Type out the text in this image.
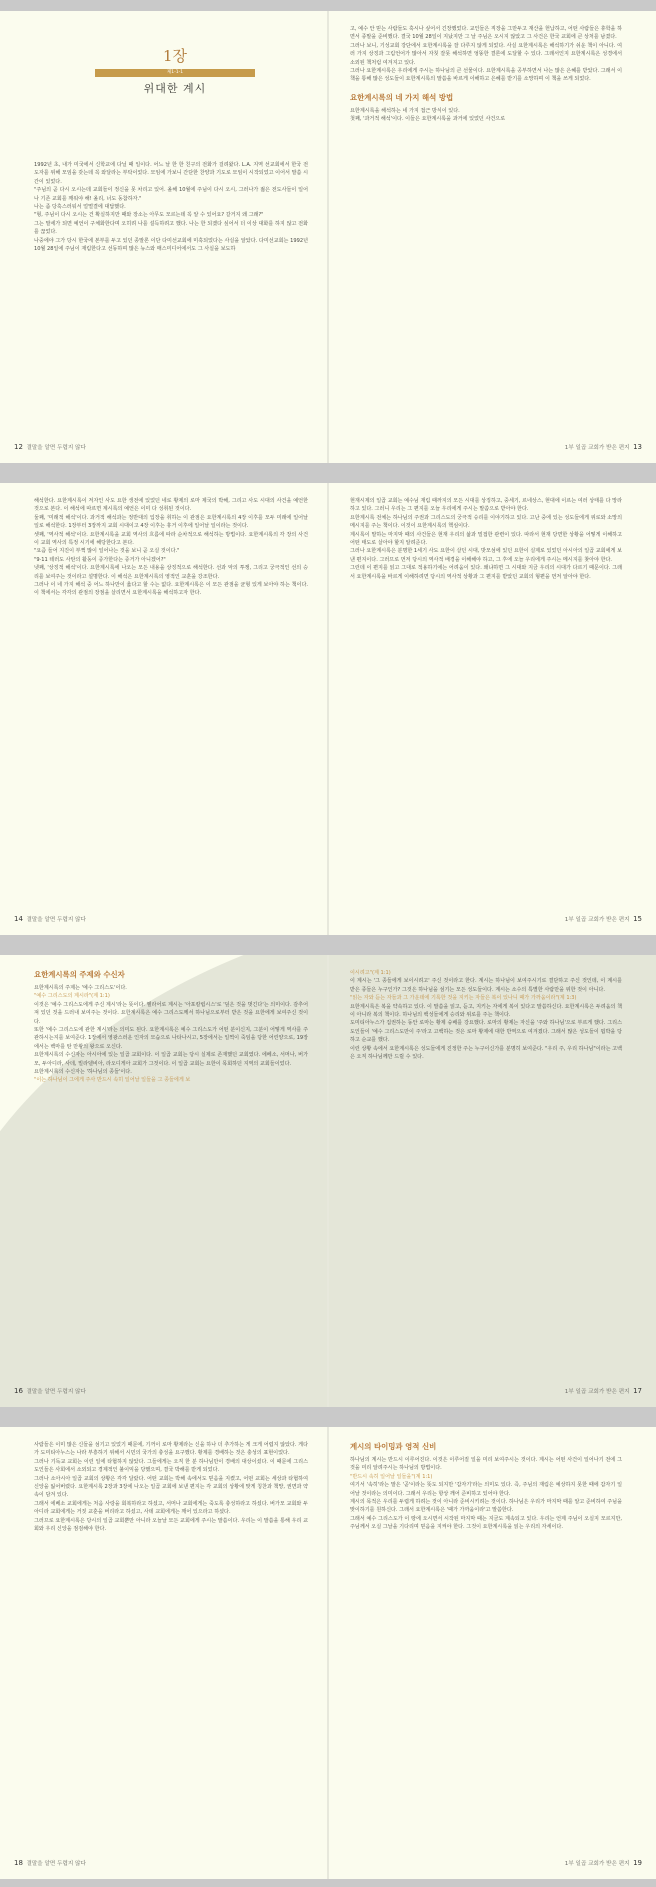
1장
제1-1-1
위대한 계시

1992년 초, 내가 미국에서 신학교에 다닐 때 일이다. 어느 날 한 한 친구의 전화가 걸려왔다. L.A. 지역 선교회에서 한국 전도자를 위해 모임을 갖는데 꼭 와달라는 부탁이었다. 모임에 가보니 간단한 찬양과 기도로 모임이 시작되었고 이어서 말씀 시간이 있었다.

"주님의 곧 다시 오시는데 교회들이 정신을 못 차리고 있어. 올해 10월에 주님이 다시 오시, 그러나가 젊은 전도사들이 일어나 기존 교회를 깨워야 해! 올리, 너도 동참하자."

나는 좀 당혹스러워서 얼떨결에 대답했다.

"형, 주님이 다시 오시는 건 확실하지만 때와 장소는 아무도 모르는데 꼭 알 수 있어요? 갈거지 왜 그래?"

그는 말세가 되면 예언이 구체화한다며 오히려 나를 설득하려고 했다. 나는 한 되겠다 싶어서 더 이상 대화를 하지 않고 전화를 끊었다.

나중에야 그가 당시 한국에 본부를 두고 있던 종말론 이단 다미선교회에 미혹되었다는 사실을 알았다. 다미선교회는 1992년 10월 28일에 주님이 재림한다고 선동하며 많은 뉴스와 매스미디어에서도 그 사실을 보도하

12 결말을 알면 두렵지 않다

고, 예수 안 믿는 사람들도 혹시나 싶어서 긴장했었다. 교인들은 직장을 그만두고 재산을 헌납하고, 어떤 사람들은 휴학을 하면서 종말을 준비했다. 결국 10월 28일이 지났지만 그 날 주님은 오시지 않았고 그 사건은 한국 교회에 큰 상처를 남겼다.

그러나 보니, 기성교회 강단에서 요한계시록을 잘 다루지 않게 되었다. 사실 요한계시록은 해석하기가 쉬운 책이 아니다. 여러 가지 상징과 그림언어가 많아서 자칫 잘못 해석하면 엉뚱한 결론에 도달할 수 있다. 그래서인지 요한계시록은 성경에서 소외된 책처럼 여겨지고 있다.

그러나 요한계시록은 우리에게 주시는 하나님의 큰 선물이다. 요한계시록을 공부하면서 나는 많은 은혜를 받았다. 그래서 이 책을 통해 많은 성도들이 요한계시록의 말씀을 바르게 이해하고 은혜를 받기를 소망하며 이 책을 쓰게 되었다.

요한계시록의 네 가지 해석 방법

요한계시록을 해석하는 네 가지 접근 방식이 있다.

첫째, '과거적 해석'이다. 이들은 요한계시록을 과거에 있었던 사건으로

1부 일곱 교회가 받은 편지 13

해석한다. 요한계시록이 저자인 사도 요한 생전에 있었던 네로 황제의 로마 제국의 박해, 그리고 사도 시대의 사건을 예언한 것으로 본다. 이 해석에 따르면 계시록의 예언은 이미 다 성취된 것이다.

둘째, '미래적 해석'이다. 과거적 해석과는 정반대의 입장을 취하는 이 관점은 요한계시록의 4장 이후를 모두 미래에 일어날 일로 해석한다. 1장부터 3장까지 교회 시대이고 4장 이후는 휴거 이후에 일어날 일이라는 것이다.

셋째, '역사적 해석'이다. 요한계시록을 교회 역사의 흐름에 따라 순차적으로 해석하는 방법이다. 요한계시록의 각 장의 사건이 교회 역사의 특정 시기에 해당한다고 본다.

"요즘 들어 지진이 부쩍 많이 일어나는 것을 보니 곧 오실 것이다."

"9·11 테러도 사탄의 활동이 증가한다는 증거가 아니겠어?"

넷째, '상징적 해석'이다. 요한계시록에 나오는 모든 내용을 상징적으로 해석한다. 선과 악의 투쟁, 그리고 궁극적인 선의 승리를 보여주는 것이라고 설명한다. 이 해석은 요한계시록의 영적인 교훈을 강조한다.

그러나 이 네 가지 해석 중 어느 하나만이 옳다고 할 수는 없다. 요한계시록은 이 모든 관점을 균형 있게 보아야 하는 책이다. 이 책에서는 각각의 관점의 장점을 살리면서 요한계시록을 해석하고자 한다.

14 결말을 알면 두렵지 않다

현재시제의 일곱 교회는 예수님 재림 때까지의 모든 시대를 상징하고, 중세기, 르네상스, 현대에 이르는 여러 상태를 다 망라하고 있다. 그러니 우리는 그 편지를 오늘 우리에게 주시는 말씀으로 받아야 한다.

요한계시록 전체는 하나님의 주권과 그리스도의 궁극적 승리를 이야기하고 있다. 고난 중에 있는 성도들에게 위로와 소망의 메시지를 주는 책이다. 이것이 요한계시록의 핵심이다.

계시록이 말하는 마지막 때의 사건들은 현재 우리의 삶과 밀접한 관련이 있다. 따라서 현재 당면한 상황을 어떻게 이해하고 어떤 태도로 살아야 할지 알려준다.

그러나 요한계시록은 분명한 1세기 사도 요한이 살던 시대, 밧모섬에 있던 요한이 실제로 있었던 아시아의 일곱 교회에게 보낸 편지이다. 그러므로 먼저 당시의 역사적 배경을 이해해야 하고, 그 후에 오늘 우리에게 주시는 메시지를 찾아야 한다.

그런데 이 편지를 읽고 그대로 적용하기에는 어려움이 있다. 왜냐하면 그 시대와 지금 우리의 시대가 다르기 때문이다. 그래서 요한계시록을 바르게 이해하려면 당시의 역사적 상황과 그 편지를 받았던 교회의 형편을 먼저 알아야 한다.

1부 일곱 교회가 받은 편지 15
요한계시록의 주제와 수신자

요한계시록의 주제는 '예수 그리스도'이다.

"예수 그리스도의 계시라"(계 1:1)

이것은 '예수 그리스도에게 주신 계시'라는 뜻이다. 헬라어로 계시는 '아포칼립시스'로 '덮은 것을 벗긴다'는 의미이다. 감추어져 있던 것을 드러내 보여주는 것이다. 요한계시록은 예수 그리스도께서 하나님으로부터 받은 것을 요한에게 보여주신 것이다.

또한 '예수 그리스도에 관한 계시'라는 의미도 된다. 요한계시록은 예수 그리스도가 어떤 분이신지, 그분이 어떻게 역사를 주관하시는지를 보여준다. 1장에서 영광스러운 인자의 모습으로 나타나시고, 5장에서는 일찍이 죽임을 당한 어린양으로, 19장에서는 백마를 탄 만왕의 왕으로 오신다.

요한계시록의 수신자는 아시아에 있는 일곱 교회이다. 이 일곱 교회는 당시 실제로 존재했던 교회였다. 에베소, 서머나, 버가모, 두아디라, 사데, 빌라델비아, 라오디게아 교회가 그것이다. 이 일곱 교회는 요한이 목회하던 지역의 교회들이었다.

요한계시록의 수신자는 '하나님의 종들'이다.

"이는 하나님이 그에게 주사 반드시 속히 일어날 일들을 그 종들에게 보

16 결말을 알면 두렵지 않다

이시려고"(계 1:1)

이 계시는 '그 종들에게 보이시려고' 주신 것이라고 한다. 계시는 하나님이 보여주시기로 결단하고 주신 것인데, 이 계시를 받은 종들은 누구인가? 그것은 하나님을 섬기는 모든 성도들이다. 계시는 소수의 특별한 사람만을 위한 것이 아니다.

"읽는 자와 듣는 자들과 그 가운데에 기록한 것을 지키는 자들은 복이 있나니 때가 가까움이라"(계 1:3)

요한계시록은 복을 약속하고 있다. 이 말씀을 읽고, 듣고, 지키는 자에게 복이 있다고 말씀하신다. 요한계시록은 두려움의 책이 아니라 복의 책이다. 하나님의 백성들에게 승리와 위로를 주는 책이다.

도미티아누스가 집권하는 동안 로마는 황제 숭배를 강요했다. 로마의 황제는 자신을 '주와 하나님'으로 부르게 했다. 그리스도인들이 '예수 그리스도만이 주'라고 고백하는 것은 로마 황제에 대한 반역으로 여겨졌다. 그래서 많은 성도들이 핍박을 당하고 순교를 했다.

이런 상황 속에서 요한계시록은 성도들에게 진정한 주는 누구이신가를 분명히 보여준다. "우리 주, 우리 하나님"이라는 고백은 오직 하나님께만 드릴 수 있다.

1부 일곱 교회가 받은 편지 17

사람들은 이미 많은 신들을 섬기고 있었기 때문에, 기꺼이 로마 황제라는 신을 하나 더 추가하는 게 크게 어렵지 않았다. 게다가 도미티아누스는 나라 부흥하기 위해서 시민의 국가의 충성을 요구했다. 황제를 경배하는 것은 충성의 표현이었다.

그러나 기독교 교회는 이런 일에 타협하지 않았다. 그들에게는 오직 한 분 하나님만이 경배의 대상이셨다. 이 때문에 그리스도인들은 사회에서 소외되고 경제적인 불이익을 당했으며, 결국 박해를 받게 되었다.

그러나 소아시아 일곱 교회의 상황은 각각 달랐다. 어떤 교회는 박해 속에서도 믿음을 지켰고, 어떤 교회는 세상과 타협하여 신앙을 잃어버렸다. 요한계시록 2장과 3장에 나오는 일곱 교회에 보낸 편지는 각 교회의 상황에 맞게 칭찬과 책망, 권면과 약속이 담겨 있다.

그래서 에베소 교회에게는 처음 사랑을 회복하라고 하셨고, 서머나 교회에게는 죽도록 충성하라고 하셨다. 버가모 교회와 두아디라 교회에게는 거짓 교훈을 버리라고 하셨고, 사데 교회에게는 깨어 있으라고 하셨다.

그러므로 요한계시록은 당시의 일곱 교회뿐만 아니라 오늘날 모든 교회에게 주시는 말씀이다. 우리는 이 말씀을 통해 우리 교회와 우리 신앙을 점검해야 한다.

18 결말을 알면 두렵지 않다
계시의 타이밍과 영적 신비

하나님의 계시는 반드시 이루어진다. 이것은 이루어질 일을 미리 보여주시는 것이다. 계시는 어떤 사건이 일어나기 전에 그것을 미리 알려주시는 하나님의 방법이다.

"반드시 속히 일어날 일들을"(계 1:1)

여기서 '속히'라는 말은 '곧'이라는 뜻도 되지만 '갑자기'라는 의미도 있다. 즉, 주님의 재림은 예상하지 못한 때에 갑자기 일어날 것이라는 의미이다. 그래서 우리는 항상 깨어 준비하고 있어야 한다.

계시의 목적은 우리를 두렵게 하려는 것이 아니라 준비시키려는 것이다. 하나님은 우리가 마지막 때를 알고 준비하여 주님을 맞이하기를 원하신다. 그래서 요한계시록은 '때가 가까움이라'고 말씀한다.

그래서 예수 그리스도가 이 땅에 오시면서 시작된 마지막 때는 지금도 계속되고 있다. 우리는 언제 주님이 오실지 모르지만, 주님께서 오실 그날을 기다리며 믿음을 지켜야 한다. 그것이 요한계시록을 읽는 우리의 자세이다.

1부 일곱 교회가 받은 편지 19
